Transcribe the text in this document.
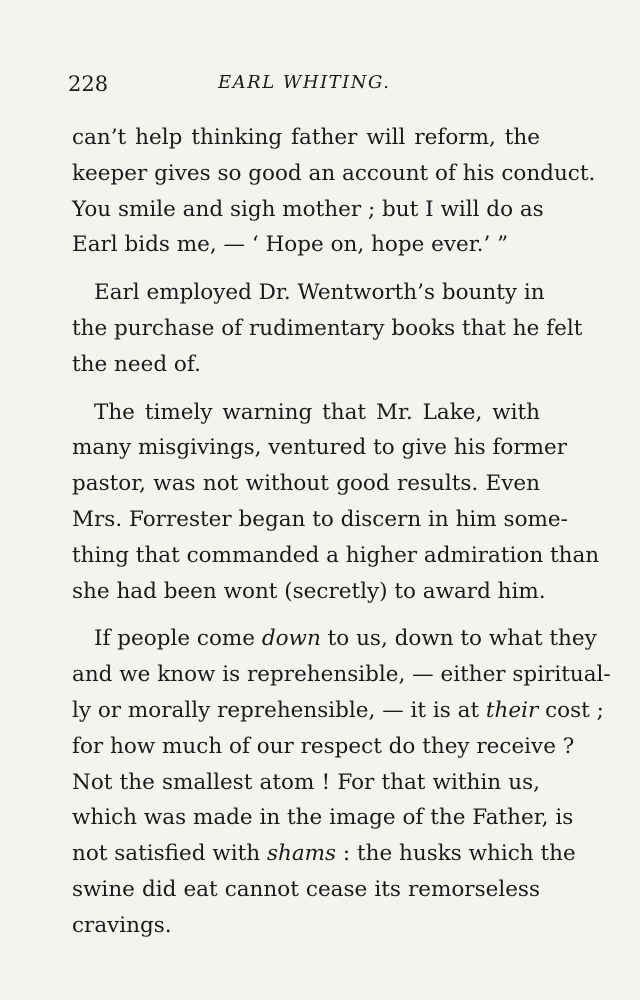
228	EARL WHITING.
can’t help thinking father will reform, the
keeper gives so good an account of his conduct.
You smile and sigh mother ; but I will do as
Earl bids me, — ‘ Hope on, hope ever.’ ”
Earl employed Dr. Wentworth’s bounty in
the purchase of rudimentary books that he felt
the need of.
The timely warning that Mr. Lake, with
many misgivings, ventured to give his former
pastor, was not without good results. Even
Mrs. Forrester began to discern in him some-
thing that commanded a higher admiration than
she had been wont (secretly) to award him.
If people come down to us, down to what they
and we know is reprehensible, — either spiritual-
ly or morally reprehensible, — it is at their cost ;
for how much of our respect do they receive ?
Not the smallest atom ! For that within us,
which was made in the image of the Father, is
not satisfied with shams : the husks which the
swine did eat cannot cease its remorseless
cravings.
